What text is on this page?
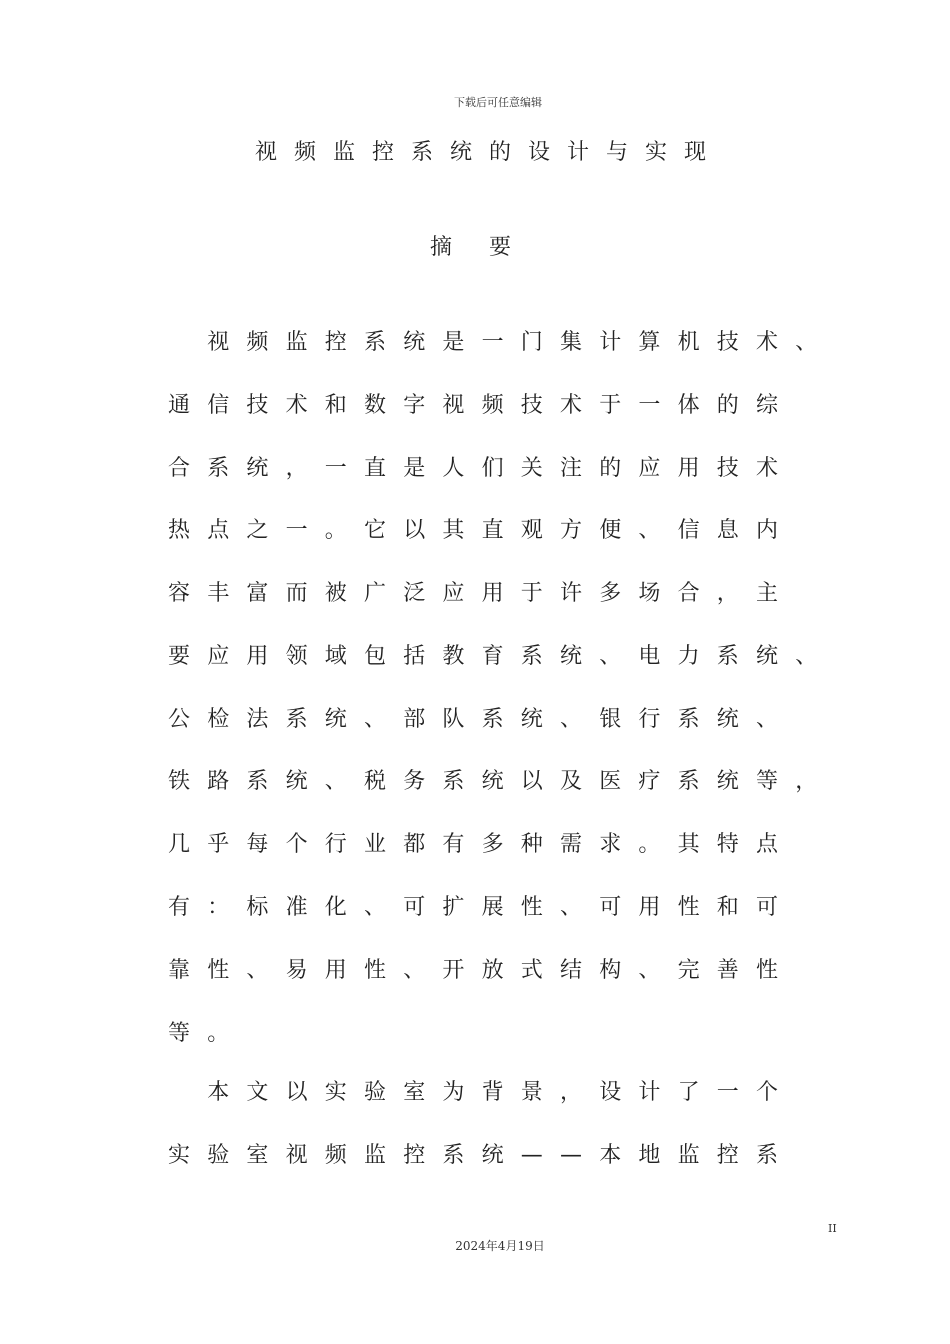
下载后可任意编辑
视频监控系统的设计与实现
摘要
　视频监控系统是一门集计算机技术、
通信技术和数字视频技术于一体的综
合系统，一直是人们关注的应用技术
热点之一。它以其直观方便、信息内
容丰富而被广泛应用于许多场合，主
要应用领域包括教育系统、电力系统、
公检法系统、部队系统、银行系统、
铁路系统、税务系统以及医疗系统等，
几乎每个行业都有多种需求。其特点
有：标准化、可扩展性、可用性和可
靠性、易用性、开放式结构、完善性
等。
　本文以实验室为背景，设计了一个
实验室视频监控系统——本地监控系
II
2024年4月19日
